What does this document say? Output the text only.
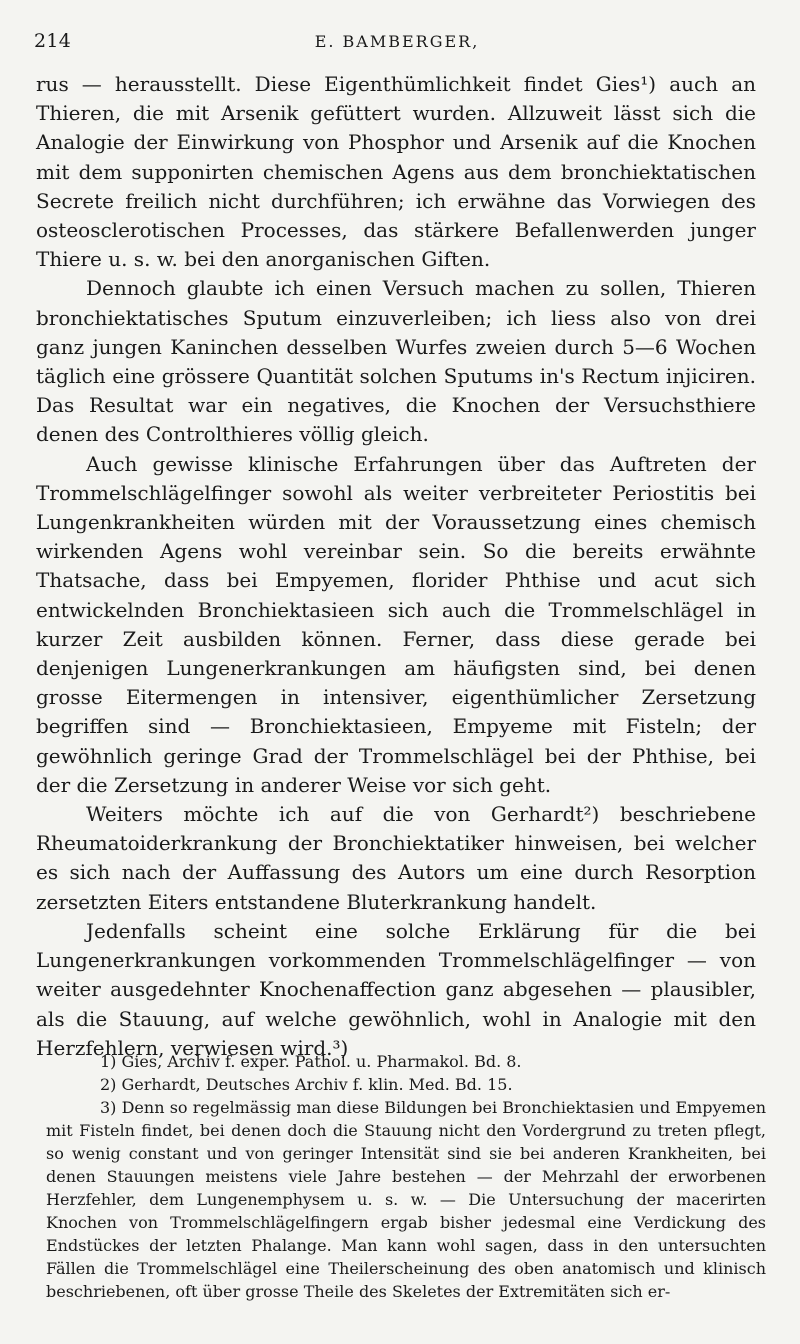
214	E. BAMBERGER,

rus — herausstellt. Diese Eigenthümlichkeit findet Gies¹) auch an Thieren, die mit Arsenik gefüttert wurden. Allzuweit lässt sich die Analogie der Einwirkung von Phosphor und Arsenik auf die Knochen mit dem supponirten chemischen Agens aus dem bronchiektatischen Secrete freilich nicht durchführen; ich erwähne das Vorwiegen des osteosclerotischen Processes, das stärkere Befallenwerden junger Thiere u. s. w. bei den anorganischen Giften.

Dennoch glaubte ich einen Versuch machen zu sollen, Thieren bronchiektatisches Sputum einzuverleiben; ich liess also von drei ganz jungen Kaninchen desselben Wurfes zweien durch 5—6 Wochen täglich eine grössere Quantität solchen Sputums in's Rectum injiciren. Das Resultat war ein negatives, die Knochen der Versuchsthiere denen des Controlthieres völlig gleich.

Auch gewisse klinische Erfahrungen über das Auftreten der Trommelschlägelfinger sowohl als weiter verbreiteter Periostitis bei Lungenkrankheiten würden mit der Voraussetzung eines chemisch wirkenden Agens wohl vereinbar sein. So die bereits erwähnte Thatsache, dass bei Empyemen, florider Phthise und acut sich entwickelnden Bronchiektasieen sich auch die Trommelschlägel in kurzer Zeit ausbilden können. Ferner, dass diese gerade bei denjenigen Lungenerkrankungen am häufigsten sind, bei denen grosse Eitermengen in intensiver, eigenthümlicher Zersetzung begriffen sind — Bronchiektasieen, Empyeme mit Fisteln; der gewöhnlich geringe Grad der Trommelschlägel bei der Phthise, bei der die Zersetzung in anderer Weise vor sich geht.

Weiters möchte ich auf die von Gerhardt²) beschriebene Rheumatoiderkrankung der Bronchiektatiker hinweisen, bei welcher es sich nach der Auffassung des Autors um eine durch Resorption zersetzten Eiters entstandene Bluterkrankung handelt.

Jedenfalls scheint eine solche Erklärung für die bei Lungenerkrankungen vorkommenden Trommelschlägelfinger — von weiter ausgedehnter Knochenaffection ganz abgesehen — plausibler, als die Stauung, auf welche gewöhnlich, wohl in Analogie mit den Herzfehlern, verwiesen wird.³)

1) Gies, Archiv f. exper. Pathol. u. Pharmakol. Bd. 8.

2) Gerhardt, Deutsches Archiv f. klin. Med. Bd. 15.

3) Denn so regelmässig man diese Bildungen bei Bronchiektasien und Empyemen mit Fisteln findet, bei denen doch die Stauung nicht den Vordergrund zu treten pflegt, so wenig constant und von geringer Intensität sind sie bei anderen Krankheiten, bei denen Stauungen meistens viele Jahre bestehen — der Mehrzahl der erworbenen Herzfehler, dem Lungenemphysem u. s. w. — Die Untersuchung der macerirten Knochen von Trommelschlägelfingern ergab bisher jedesmal eine Verdickung des Endstückes der letzten Phalange. Man kann wohl sagen, dass in den untersuchten Fällen die Trommelschlägel eine Theilerscheinung des oben anatomisch und klinisch beschriebenen, oft über grosse Theile des Skeletes der Extremitäten sich er-
